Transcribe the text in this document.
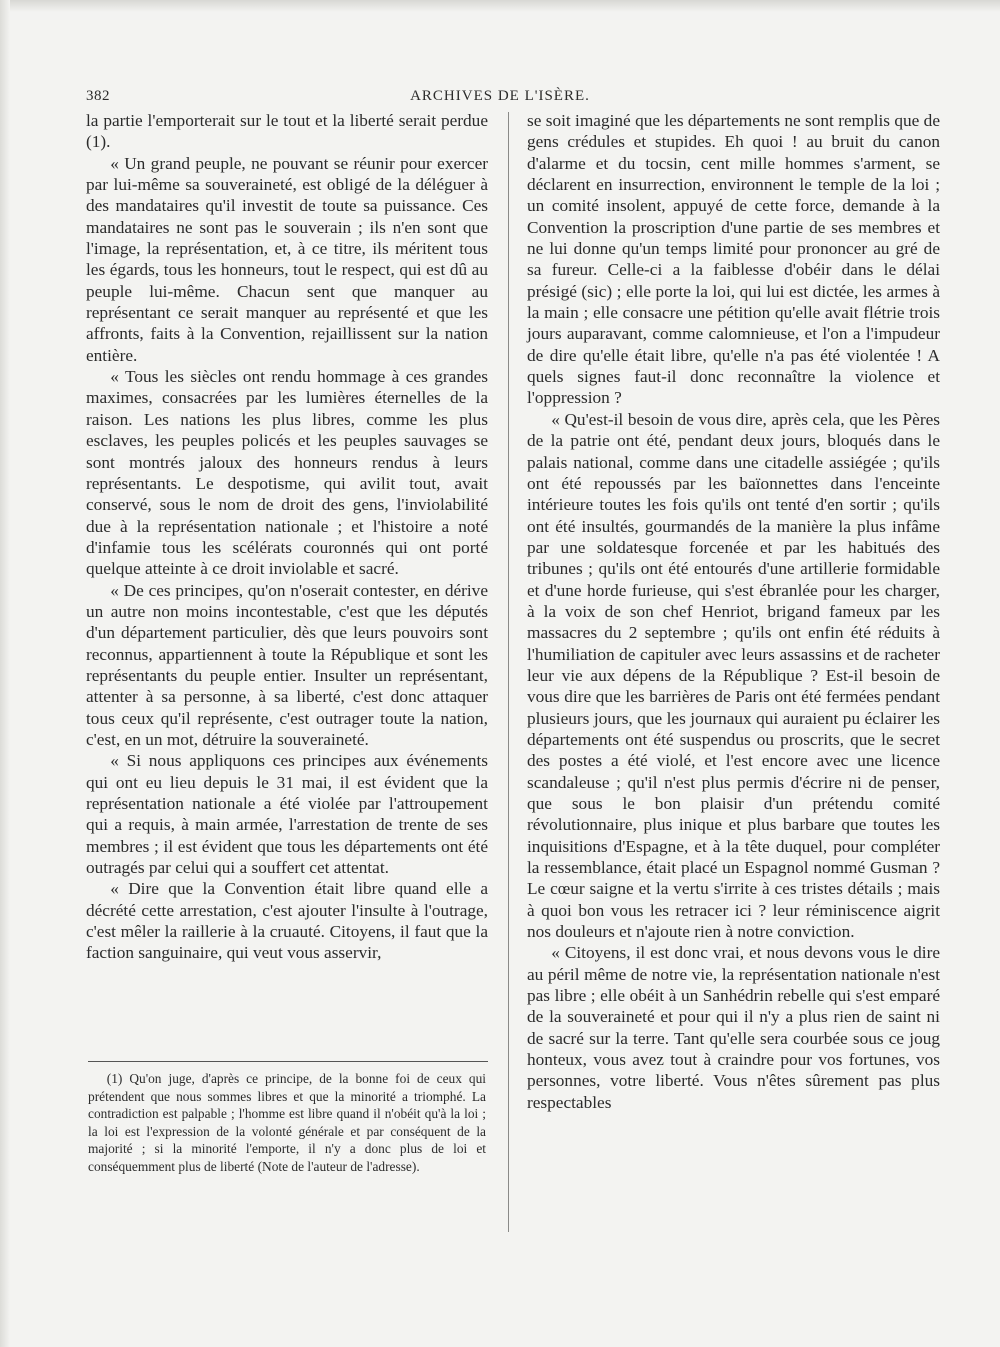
382	ARCHIVES DE L'ISÈRE.

la partie l'emporterait sur le tout et la liberté serait perdue (1).

« Un grand peuple, ne pouvant se réunir pour exercer par lui-même sa souveraineté, est obligé de la déléguer à des mandataires qu'il investit de toute sa puissance. Ces mandataires ne sont pas le souverain ; ils n'en sont que l'image, la représentation, et, à ce titre, ils méritent tous les égards, tous les honneurs, tout le respect, qui est dû au peuple lui-même. Chacun sent que manquer au représentant ce serait manquer au représenté et que les affronts, faits à la Convention, rejaillissent sur la nation entière.

« Tous les siècles ont rendu hommage à ces grandes maximes, consacrées par les lumières éternelles de la raison. Les nations les plus libres, comme les plus esclaves, les peuples policés et les peuples sauvages se sont montrés jaloux des honneurs rendus à leurs représentants. Le despotisme, qui avilit tout, avait conservé, sous le nom de droit des gens, l'inviolabilité due à la représentation nationale ; et l'histoire a noté d'infamie tous les scélérats couronnés qui ont porté quelque atteinte à ce droit inviolable et sacré.

« De ces principes, qu'on n'oserait contester, en dérive un autre non moins incontestable, c'est que les députés d'un département particulier, dès que leurs pouvoirs sont reconnus, appartiennent à toute la République et sont les représentants du peuple entier. Insulter un représentant, attenter à sa personne, à sa liberté, c'est donc attaquer tous ceux qu'il représente, c'est outrager toute la nation, c'est, en un mot, détruire la souveraineté.

« Si nous appliquons ces principes aux événements qui ont eu lieu depuis le 31 mai, il est évident que la représentation nationale a été violée par l'attroupement qui a requis, à main armée, l'arrestation de trente de ses membres ; il est évident que tous les départements ont été outragés par celui qui a souffert cet attentat.

« Dire que la Convention était libre quand elle a décrété cette arrestation, c'est ajouter l'insulte à l'outrage, c'est mêler la raillerie à la cruauté. Citoyens, il faut que la faction sanguinaire, qui veut vous asservir,

se soit imaginé que les départements ne sont remplis que de gens crédules et stupides. Eh quoi ! au bruit du canon d'alarme et du tocsin, cent mille hommes s'arment, se déclarent en insurrection, environnent le temple de la loi ; un comité insolent, appuyé de cette force, demande à la Convention la proscription d'une partie de ses membres et ne lui donne qu'un temps limité pour prononcer au gré de sa fureur. Celle-ci a la faiblesse d'obéir dans le délai présigé (sic) ; elle porte la loi, qui lui est dictée, les armes à la main ; elle consacre une pétition qu'elle avait flétrie trois jours auparavant, comme calomnieuse, et l'on a l'impudeur de dire qu'elle était libre, qu'elle n'a pas été violentée ! A quels signes faut-il donc reconnaître la violence et l'oppression ?

« Qu'est-il besoin de vous dire, après cela, que les Pères de la patrie ont été, pendant deux jours, bloqués dans le palais national, comme dans une citadelle assiégée ; qu'ils ont été repoussés par les baïonnettes dans l'enceinte intérieure toutes les fois qu'ils ont tenté d'en sortir ; qu'ils ont été insultés, gourmandés de la manière la plus infâme par une soldatesque forcenée et par les habitués des tribunes ; qu'ils ont été entourés d'une artillerie formidable et d'une horde furieuse, qui s'est ébranlée pour les charger, à la voix de son chef Henriot, brigand fameux par les massacres du 2 septembre ; qu'ils ont enfin été réduits à l'humiliation de capituler avec leurs assassins et de racheter leur vie aux dépens de la République ? Est-il besoin de vous dire que les barrières de Paris ont été fermées pendant plusieurs jours, que les journaux qui auraient pu éclairer les départements ont été suspendus ou proscrits, que le secret des postes a été violé, et l'est encore avec une licence scandaleuse ; qu'il n'est plus permis d'écrire ni de penser, que sous le bon plaisir d'un prétendu comité révolutionnaire, plus inique et plus barbare que toutes les inquisitions d'Espagne, et à la tête duquel, pour compléter la ressemblance, était placé un Espagnol nommé Gusman ? Le cœur saigne et la vertu s'irrite à ces tristes détails ; mais à quoi bon vous les retracer ici ? leur réminiscence aigrit nos douleurs et n'ajoute rien à notre conviction.

« Citoyens, il est donc vrai, et nous devons vous le dire au péril même de notre vie, la représentation nationale n'est pas libre ; elle obéit à un Sanhédrin rebelle qui s'est emparé de la souveraineté et pour qui il n'y a plus rien de saint ni de sacré sur la terre. Tant qu'elle sera courbée sous ce joug honteux, vous avez tout à craindre pour vos fortunes, vos personnes, votre liberté. Vous n'êtes sûrement pas plus respectables

(1) Qu'on juge, d'après ce principe, de la bonne foi de ceux qui prétendent que nous sommes libres et que la minorité a triomphé. La contradiction est palpable ; l'homme est libre quand il n'obéit qu'à la loi ; la loi est l'expression de la volonté générale et par conséquent de la majorité ; si la minorité l'emporte, il n'y a donc plus de loi et conséquemment plus de liberté (Note de l'auteur de l'adresse).
